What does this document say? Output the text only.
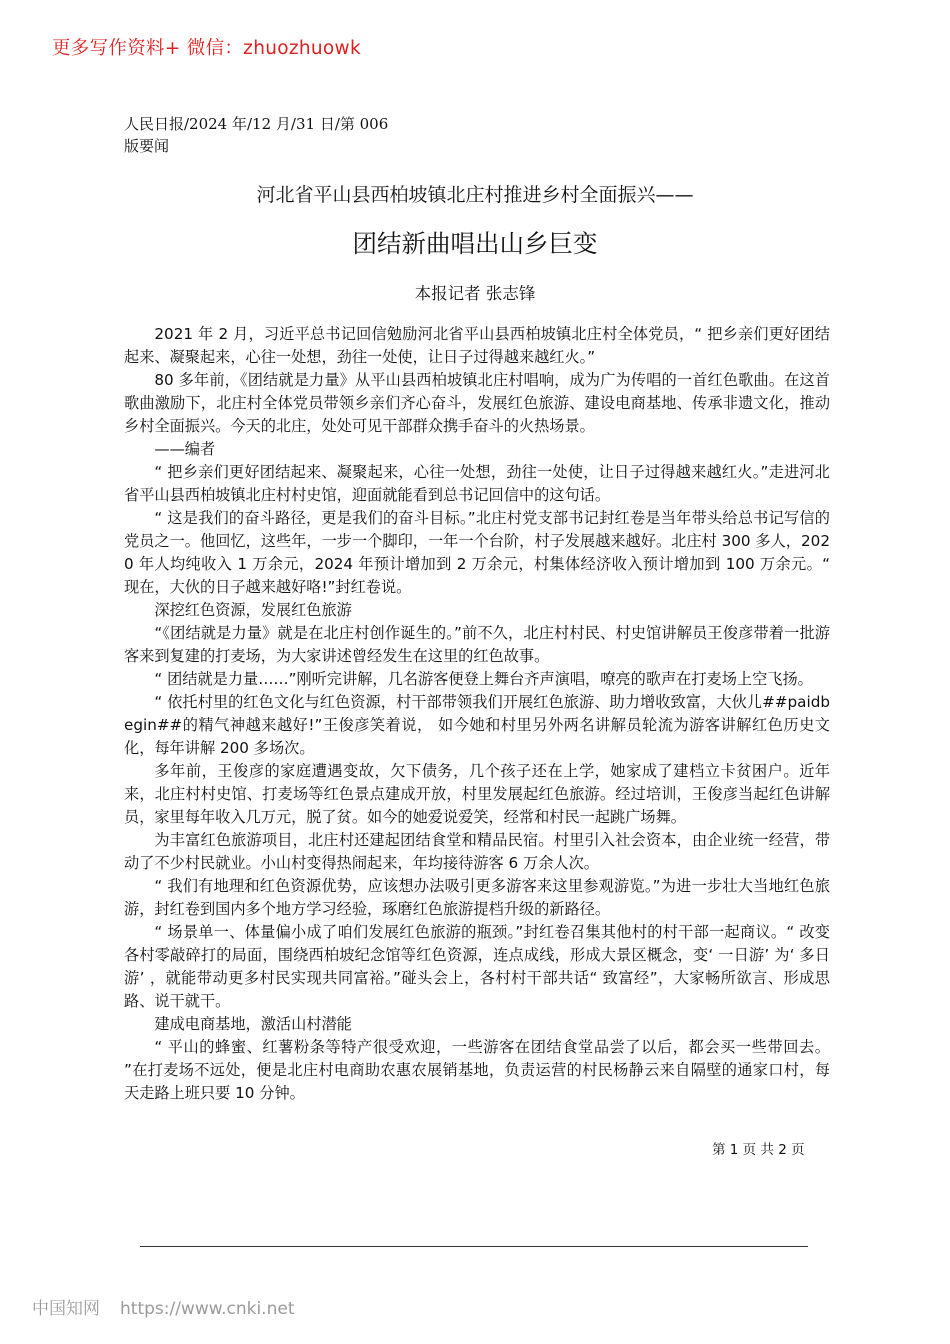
更多写作资料+ 微信：zhuozhuowk
人民日报/2024 年/12 月/31 日/第 006
版要闻
河北省平山县西柏坡镇北庄村推进乡村全面振兴——
团结新曲唱出山乡巨变
本报记者 张志锋

2021 年 2 月，习近平总书记回信勉励河北省平山县西柏坡镇北庄村全体党员，“ 把乡亲们更好团结起来、凝聚起来，心往一处想，劲往一处使，让日子过得越来越红火。”

80 多年前，《团结就是力量》从平山县西柏坡镇北庄村唱响，成为广为传唱的一首红色歌曲。在这首歌曲激励下，北庄村全体党员带领乡亲们齐心奋斗，发展红色旅游、建设电商基地、传承非遗文化，推动乡村全面振兴。今天的北庄，处处可见干部群众携手奋斗的火热场景。

——编者

“ 把乡亲们更好团结起来、凝聚起来，心往一处想，劲往一处使，让日子过得越来越红火。”走进河北省平山县西柏坡镇北庄村村史馆，迎面就能看到总书记回信中的这句话。

“ 这是我们的奋斗路径，更是我们的奋斗目标。”北庄村党支部书记封红卷是当年带头给总书记写信的党员之一。他回忆，这些年，一步一个脚印，一年一个台阶，村子发展越来越好。北庄村 300 多人，2020 年人均纯收入 1 万余元，2024 年预计增加到 2 万余元，村集体经济收入预计增加到 100 万余元。“ 现在，大伙的日子越来越好咯!”封红卷说。

深挖红色资源，发展红色旅游

“《团结就是力量》就是在北庄村创作诞生的。”前不久，北庄村村民、村史馆讲解员王俊彦带着一批游客来到复建的打麦场，为大家讲述曾经发生在这里的红色故事。

“ 团结就是力量……”刚听完讲解，几名游客便登上舞台齐声演唱，嘹亮的歌声在打麦场上空飞扬。

“ 依托村里的红色文化与红色资源，村干部带领我们开展红色旅游、助力增收致富，大伙儿##paidbegin##的精气神越来越好!”王俊彦笑着说， 如今她和村里另外两名讲解员轮流为游客讲解红色历史文化，每年讲解 200 多场次。

多年前，王俊彦的家庭遭遇变故，欠下债务，几个孩子还在上学，她家成了建档立卡贫困户。近年来，北庄村村史馆、打麦场等红色景点建成开放，村里发展起红色旅游。经过培训，王俊彦当起红色讲解员，家里每年收入几万元，脱了贫。如今的她爱说爱笑，经常和村民一起跳广场舞。

为丰富红色旅游项目，北庄村还建起团结食堂和精品民宿。村里引入社会资本，由企业统一经营，带动了不少村民就业。小山村变得热闹起来，年均接待游客 6 万余人次。

“ 我们有地理和红色资源优势，应该想办法吸引更多游客来这里参观游览。”为进一步壮大当地红色旅游，封红卷到国内多个地方学习经验，琢磨红色旅游提档升级的新路径。

“ 场景单一、体量偏小成了咱们发展红色旅游的瓶颈。”封红卷召集其他村的村干部一起商议。“ 改变各村零敲碎打的局面，围绕西柏坡纪念馆等红色资源，连点成线，形成大景区概念，变‘ 一日游’ 为‘ 多日游’ ，就能带动更多村民实现共同富裕。”碰头会上，各村村干部共话“ 致富经”，大家畅所欲言、形成思路、说干就干。

建成电商基地，激活山村潜能

“ 平山的蜂蜜、红薯粉条等特产很受欢迎，一些游客在团结食堂品尝了以后，都会买一些带回去。 ”在打麦场不远处，便是北庄村电商助农惠农展销基地，负责运营的村民杨静云来自隔壁的通家口村，每天走路上班只要 10 分钟。

第 1 页 共 2 页
中国知网 https://www.cnki.net
